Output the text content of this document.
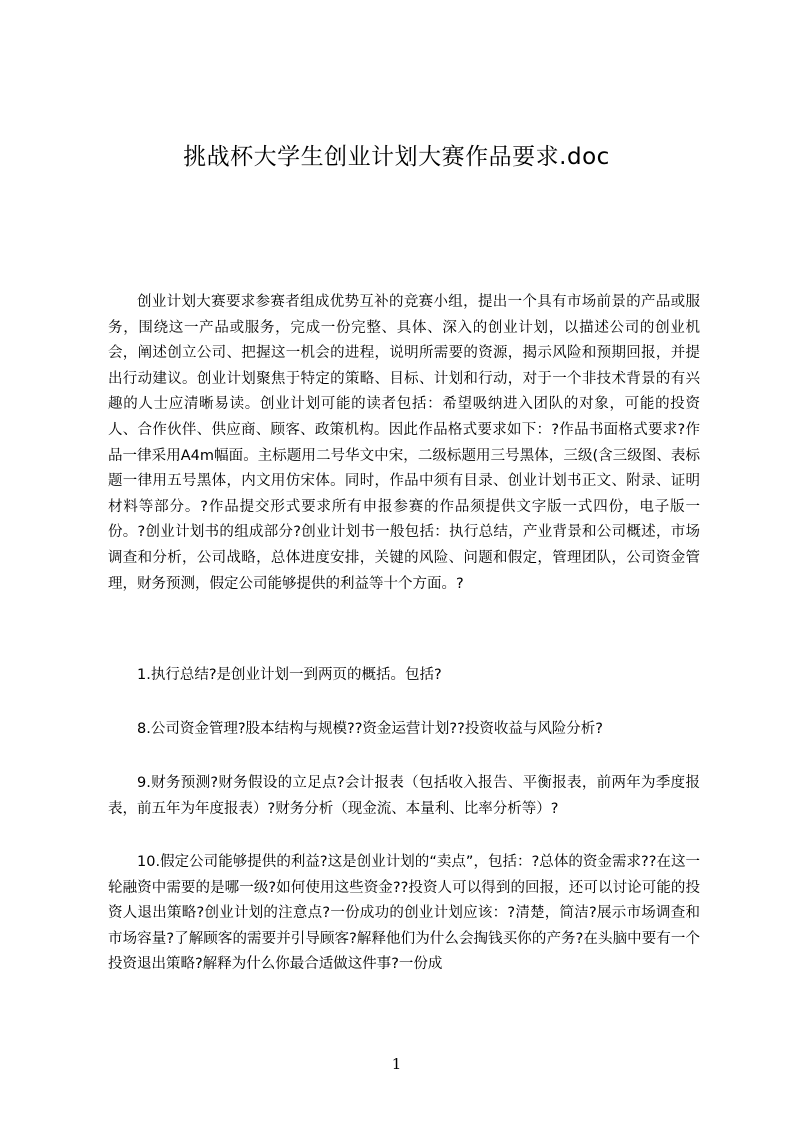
挑战杯大学生创业计划大赛作品要求.doc

创业计划大赛要求参赛者组成优势互补的竞赛小组，提出一个具有市场前景的产品或服务，围绕这一产品或服务，完成一份完整、具体、深入的创业计划，以描述公司的创业机会，阐述创立公司、把握这一机会的进程，说明所需要的资源，揭示风险和预期回报，并提出行动建议。创业计划聚焦于特定的策略、目标、计划和行动，对于一个非技术背景的有兴趣的人士应清晰易读。创业计划可能的读者包括：希望吸纳进入团队的对象，可能的投资人、合作伙伴、供应商、顾客、政策机构。因此作品格式要求如下：?作品书面格式要求?作品一律采用A4m幅面。主标题用二号华文中宋，二级标题用三号黑体，三级(含三级图、表标题一律用五号黑体，内文用仿宋体。同时，作品中须有目录、创业计划书正文、附录、证明材料等部分。?作品提交形式要求所有申报参赛的作品须提供文字版一式四份，电子版一份。?创业计划书的组成部分?创业计划书一般包括：执行总结，产业背景和公司概述，市场调查和分析，公司战略，总体进度安排，关键的风险、问题和假定，管理团队，公司资金管理，财务预测，假定公司能够提供的利益等十个方面。?

1.执行总结?是创业计划一到两页的概括。包括?

8.公司资金管理?股本结构与规模??资金运营计划??投资收益与风险分析?

9.财务预测?财务假设的立足点?会计报表（包括收入报告、平衡报表，前两年为季度报表，前五年为年度报表）?财务分析（现金流、本量利、比率分析等）?

10.假定公司能够提供的利益?这是创业计划的“卖点”，包括：?总体的资金需求??在这一轮融资中需要的是哪一级?如何使用这些资金??投资人可以得到的回报，还可以讨论可能的投资人退出策略?创业计划的注意点?一份成功的创业计划应该：?清楚，简洁?展示市场调查和市场容量?了解顾客的需要并引导顾客?解释他们为什么会掏钱买你的产务?在头脑中要有一个投资退出策略?解释为什么你最合适做这件事?一份成

1
